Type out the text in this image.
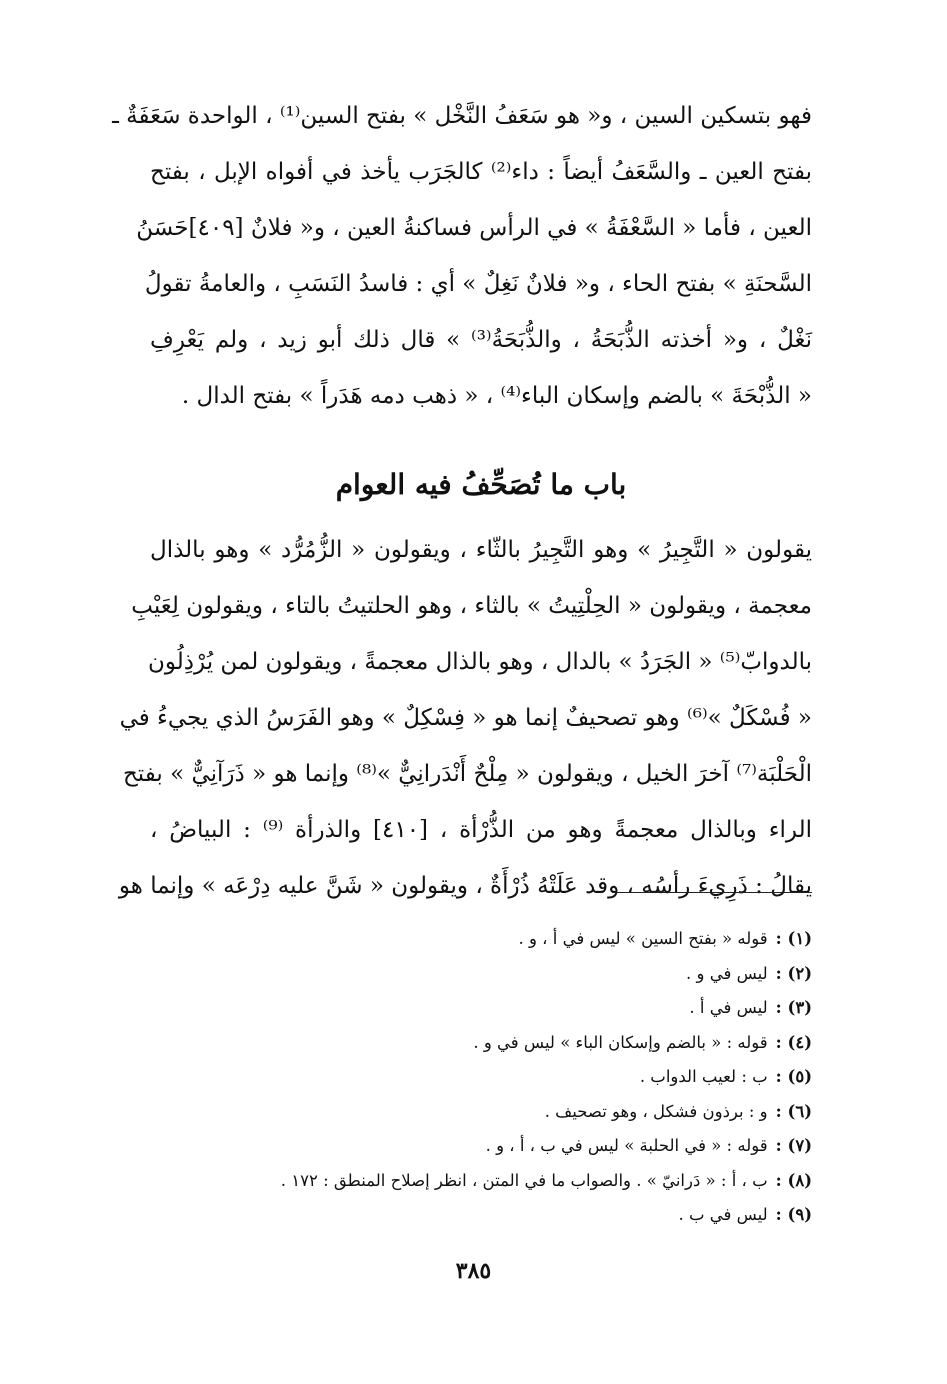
فهو بتسكين السين ، و« هو سَعَفُ النَّخْل » بفتح السين⁽¹⁾ ، الواحدة سَعَفَةٌ ـ
بفتح العين ـ والسَّعَفُ أيضاً : داء⁽²⁾ كالجَرَب يأخذ في أفواه الإبل ، بفتح
العين ، فأما « السَّعْفَةُ » في الرأس فساكنةُ العين ، و« فلانٌ [٤٠٩]حَسَنُ
السَّحنَةِ » بفتح الحاء ، و« فلانٌ نَغِلٌ » أي : فاسدُ النَسَبِ ، والعامةُ تقولُ
نَغْلٌ ، و« أخذته الذُّبَحَةُ ، والذُّبَحَةُ⁽³⁾ » قال ذلك أبو زيد ، ولم يَعْرِفِ
« الذُّبْحَةَ » بالضم وإسكان الباء⁽⁴⁾ ، « ذهب دمه هَدَراً » بفتح الدال .
باب ما تُصَحِّفُ فيه العوام
يقولون « التَّجِيرُ » وهو التَّجِيرُ بالثّاء ، ويقولون « الزُّمُرُّد » وهو بالذال
معجمة ، ويقولون « الحِلْتِيتُ » بالثاء ، وهو الحلتيتُ بالتاء ، ويقولون لِعَيْبِ
بالدوابّ⁽⁵⁾ « الجَرَدُ » بالدال ، وهو بالذال معجمةً ، ويقولون لمن يُرْذِلُون
« فُسْكَلٌ »⁽⁶⁾ وهو تصحيفٌ إنما هو « فِسْكِلٌ » وهو الفَرَسُ الذي يجيءُ في
الْحَلْبَة⁽⁷⁾ آخرَ الخيل ، ويقولون « مِلْحٌ أَنْدَرانِيٌّ »⁽⁸⁾ وإنما هو « ذَرَآنِيٌّ » بفتح
الراء وبالذال معجمةً وهو من الذُّرْأة ، [٤١٠] والذرأة ⁽⁹⁾ : البياضُ ،
يقالُ : ذَرِيءَ رأسُه ، وقد عَلَتْهُ ذُرْأَةٌ ، ويقولون « شَنَّ عليه دِرْعَه » وإنما هو
(١) :قوله « بفتح السين » ليس في أ ، و .
(٢) :ليس في و .
(٣) :ليس في أ .
(٤) :قوله : « بالضم وإسكان الباء » ليس في و .
(٥) :ب : لعيب الدواب .
(٦) :و : برذون فشكل ، وهو تصحيف .
(٧) :قوله : « في الحلبة » ليس في ب ، أ ، و .
(٨) :ب ، أ : « دَرانيّ » . والصواب ما في المتن ، انظر إصلاح المنطق : ١٧٢ .
(٩) :ليس في ب .
٣٨٥
